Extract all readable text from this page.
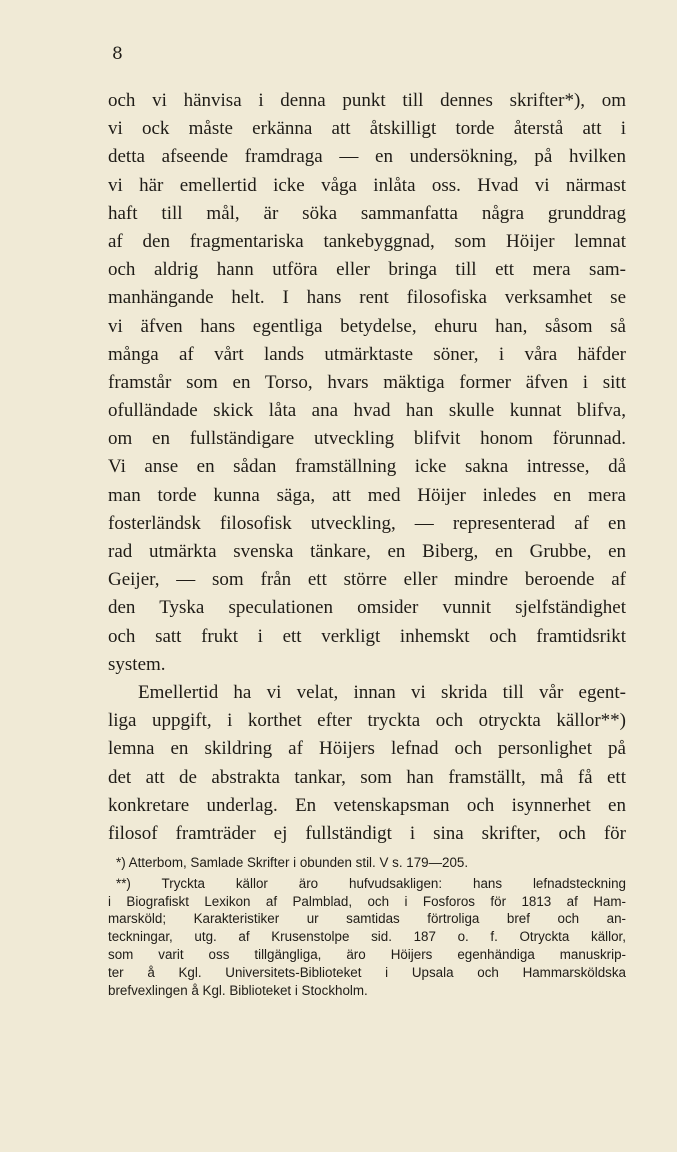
8
och vi hänvisa i denna punkt till dennes skrifter*), om
vi ock måste erkänna att åtskilligt torde återstå att i
detta afseende framdraga — en undersökning, på hvilken
vi här emellertid icke våga inlåta oss. Hvad vi närmast
haft till mål, är söka sammanfatta några grunddrag
af den fragmentariska tankebyggnad, som Höijer lemnat
och aldrig hann utföra eller bringa till ett mera sam-
manhängande helt. I hans rent filosofiska verksamhet se
vi äfven hans egentliga betydelse, ehuru han, såsom så
många af vårt lands utmärktaste söner, i våra häfder
framstår som en Torso, hvars mäktiga former äfven i sitt
ofulländade skick låta ana hvad han skulle kunnat blifva,
om en fullständigare utveckling blifvit honom förunnad.
Vi anse en sådan framställning icke sakna intresse, då
man torde kunna säga, att med Höijer inledes en mera
fosterländsk filosofisk utveckling, — representerad af en
rad utmärkta svenska tänkare, en Biberg, en Grubbe, en
Geijer, — som från ett större eller mindre beroende af
den Tyska speculationen omsider vunnit sjelfständighet
och satt frukt i ett verkligt inhemskt och framtidsrikt
system.
Emellertid ha vi velat, innan vi skrida till vår egent-
liga uppgift, i korthet efter tryckta och otryckta källor**)
lemna en skildring af Höijers lefnad och personlighet på
det att de abstrakta tankar, som han framställt, må få ett
konkretare underlag. En vetenskapsman och isynnerhet en
filosof framträder ej fullständigt i sina skrifter, och för
*) Atterbom, Samlade Skrifter i obunden stil. V s. 179—205.
**) Tryckta källor äro hufvudsakligen: hans lefnadsteckning
i Biografiskt Lexikon af Palmblad, och i Fosforos för 1813 af Ham-
marsköld; Karakteristiker ur samtidas förtroliga bref och an-
teckningar, utg. af Krusenstolpe sid. 187 o. f. Otryckta källor,
som varit oss tillgängliga, äro Höijers egenhändiga manuskrip-
ter å Kgl. Universitets-Biblioteket i Upsala och Hammarsköldska
brefvexlingen å Kgl. Biblioteket i Stockholm.
